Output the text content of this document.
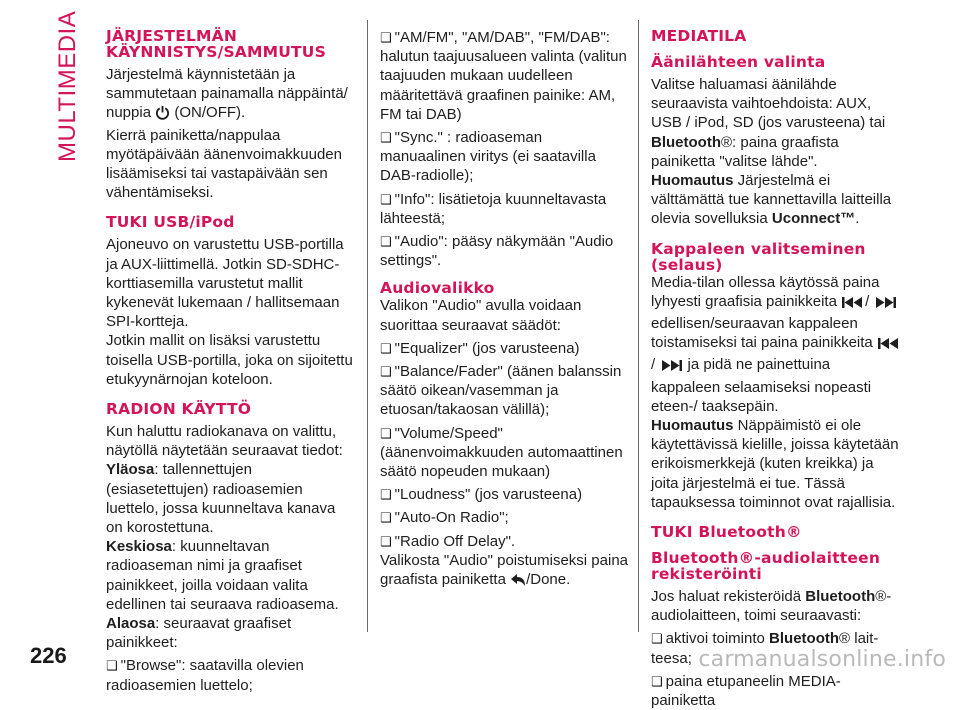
MULTIMEDIA JÄRJESTELMÄN KÄYNNISTYS/SAMMUTUS

Järjestelmä käynnistetään ja sammutetaan painamalla näppäintä/ nuppia (ON/OFF).

Kierrä painiketta/nappulaa myötäpäivään äänenvoimakkuuden lisäämiseksi tai vastapäivään sen vähentämiseksi.

TUKI USB/iPod

Ajoneuvo on varustettu USB-portilla ja AUX-liittimellä. Jotkin SD-SDHC-korttiasemilla varustetut mallit kykenevät lukemaan / hallitsemaan SPI-kortteja.

Jotkin mallit on lisäksi varustettu toisella USB-portilla, joka on sijoitettu etukyynärnojan koteloon.

RADION KÄYTTÖ

Kun haluttu radiokanava on valittu, näytöllä näytetään seuraavat tiedot:

Yläosa: tallennettujen (esiasetettujen) radioasemien luettelo, jossa kuunneltava kanava on korostettuna.

Keskiosa: kuunneltavan radioaseman nimi ja graafiset painikkeet, joilla voidaan valita edellinen tai seuraava radioasema.

Alaosa: seuraavat graafiset painikkeet:

❑ "Browse": saatavilla olevien radioasemien luettelo;

❑ "AM/FM", "AM/DAB", "FM/DAB": halutun taajuusalueen valinta (valitun taajuuden mukaan uudelleen määritettävä graafinen painike: AM, FM tai DAB)

❑ "Sync." : radioaseman manuaalinen viritys (ei saatavilla DAB-radiolle);

❑ "Info": lisätietoja kuunneltavasta lähteestä;

❑ "Audio": pääsy näkymään "Audio settings".

Audiovalikko

Valikon "Audio" avulla voidaan suorittaa seuraavat säädöt:

❑ "Equalizer" (jos varusteena)

❑ "Balance/Fader" (äänen balanssin säätö oikean/vasemman ja etuosan/takaosan välillä);

❑ "Volume/Speed" (äänenvoimakkuuden automaattinen säätö nopeuden mukaan)

❑ "Loudness" (jos varusteena)

❑ "Auto-On Radio";

❑ "Radio Off Delay".

Valikosta "Audio" poistumiseksi paina graafista painiketta /Done.

MEDIATILA
Äänilähteen valinta

Valitse haluamasi äänilähde seuraavista vaihtoehdoista: AUX, USB / iPod, SD (jos varusteena) tai Bluetooth®: paina graafista painiketta "valitse lähde".

Huomautus Järjestelmä ei välttämättä tue kannettavilla laitteilla olevia sovelluksia Uconnect™.

Kappaleen valitseminen (selaus)

Media-tilan ollessa käytössä paina lyhyesti graafisia painikkeita /  edellisen/seuraavan kappaleen toistamiseksi tai paina painikkeita / ja pidä ne painettuina kappaleen selaamiseksi nopeasti eteen-/ taaksepäin.

Huomautus Näppäimistö ei ole käytettävissä kielille, joissa käytetään erikoismerkkejä (kuten kreikka) ja joita järjestelmä ei tue. Tässä tapauksessa toiminnot ovat rajallisia.

TUKI Bluetooth®
Bluetooth®-audiolaitteen rekisteröinti

Jos haluat rekisteröidä Bluetooth®-audiolaitteen, toimi seuraavasti:

❑ aktivoi toiminto Bluetooth® lait-teesa;

❑ paina etupaneelin MEDIA-painiketta

226	carmanualsonline.info
